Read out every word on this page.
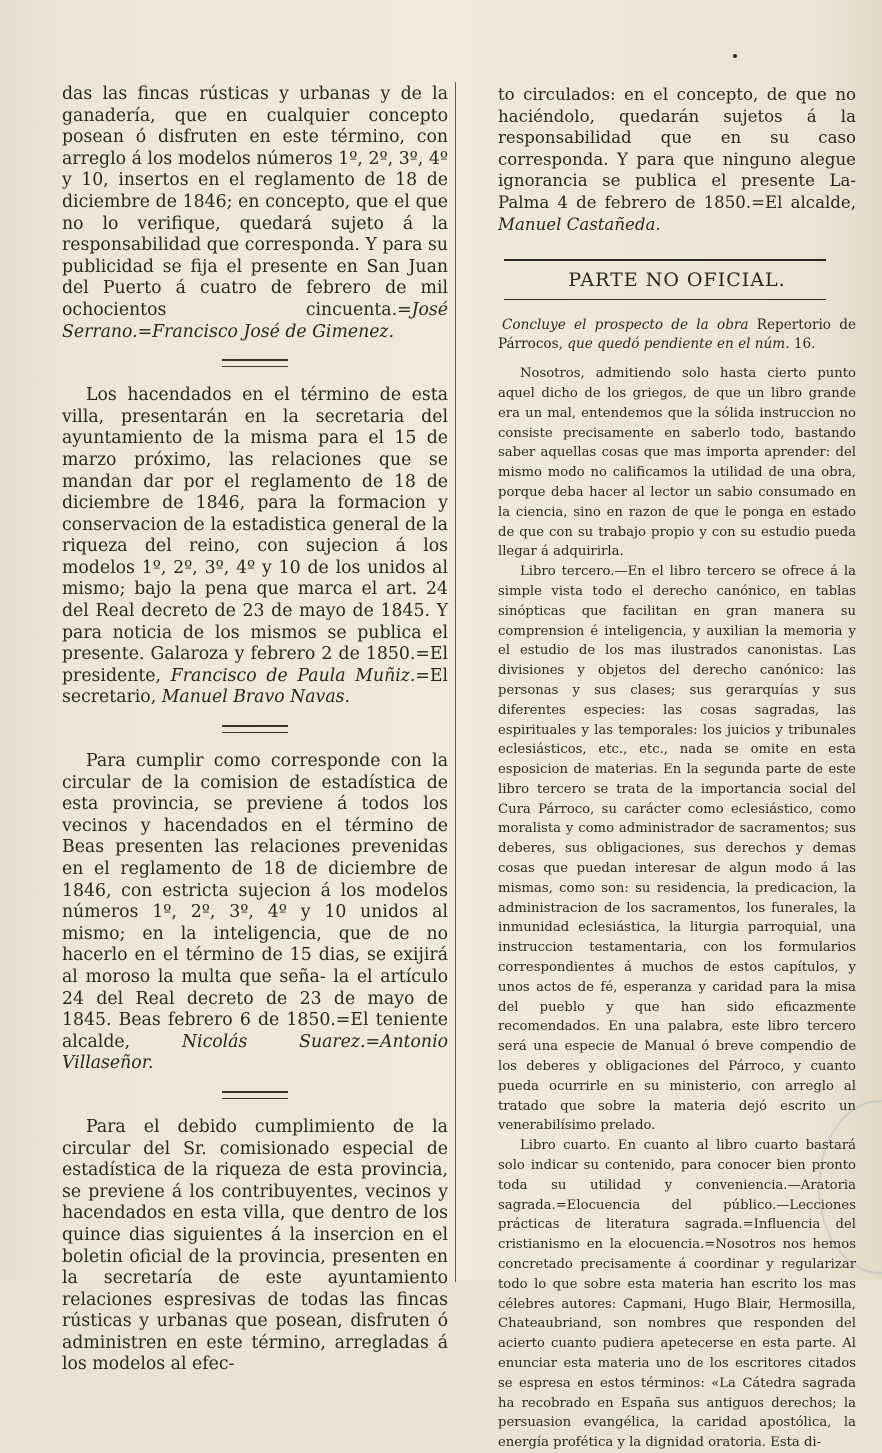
das las fincas rústicas y urbanas y de la ganadería, que en cualquier concepto posean ó disfruten en este término, con arreglo á los modelos números 1º, 2º, 3º, 4º y 10, insertos en el reglamento de 18 de diciembre de 1846; en concepto, que el que no lo verifique, quedará sujeto á la responsabilidad que corresponda. Y para su publicidad se fija el presente en San Juan del Puerto á cuatro de febrero de mil ochocientos cincuenta.=José Serrano.=Francisco José de Gimenez.

Los hacendados en el término de esta villa, presentarán en la secretaria del ayuntamiento de la misma para el 15 de marzo próximo, las relaciones que se mandan dar por el reglamento de 18 de diciembre de 1846, para la formacion y conservacion de la estadistica general de la riqueza del reino, con sujecion á los modelos 1º, 2º, 3º, 4º y 10 de los unidos al mismo; bajo la pena que marca el art. 24 del Real decreto de 23 de mayo de 1845. Y para noticia de los mismos se publica el presente. Galaroza y febrero 2 de 1850.=El presidente, Francisco de Paula Muñiz.=El secretario, Manuel Bravo Navas.

Para cumplir como corresponde con la circular de la comision de estadística de esta provincia, se previene á todos los vecinos y hacendados en el término de Beas presenten las relaciones prevenidas en el reglamento de 18 de diciembre de 1846, con estricta sujecion á los modelos números 1º, 2º, 3º, 4º y 10 unidos al mismo; en la inteligencia, que de no hacerlo en el término de 15 dias, se exijirá al moroso la multa que seña- la el artículo 24 del Real decreto de 23 de mayo de 1845. Beas febrero 6 de 1850.=El teniente alcalde,	Nicolás Suarez.=Antonio Villaseñor.

Para el debido cumplimiento de la circular del Sr. comisionado especial de estadística de la riqueza de esta provincia, se previene á los contribuyentes, vecinos y hacendados en esta villa, que dentro de los quince dias siguientes á la insercion en el boletin oficial de la provincia, presenten en la secretaría de este ayuntamiento relaciones espresivas de todas las fincas rústicas y urbanas que posean, disfruten ó administren en este término, arregladas á los modelos al efec-

to circulados: en el concepto, de que no haciéndolo, quedarán sujetos á la responsabilidad que en su caso corresponda. Y para que ninguno alegue ignorancia se publica el presente La-Palma 4 de febrero de 1850.=El alcalde, Manuel Castañeda.

PARTE NO OFICIAL.

Concluye el prospecto de la obra Repertorio de Párrocos, que quedó pendiente en el núm. 16.

Nosotros, admitiendo solo hasta cierto punto aquel dicho de los griegos, de que un libro grande era un mal, entendemos que la sólida instruccion no consiste precisamente en saberlo todo, bastando saber aquellas cosas que mas importa aprender: del mismo modo no calificamos la utilidad de una obra, porque deba hacer al lector un sabio consumado en la ciencia, sino en razon de que le ponga en estado de que con su trabajo propio y con su estudio pueda llegar á adquirirla.

Libro tercero.—En el libro tercero se ofrece á la simple vista todo el derecho canónico, en tablas sinópticas que facilitan en gran manera su comprension é inteligencia, y auxilian la memoria y el estudio de los mas ilustrados canonistas. Las divisiones y objetos del derecho canónico: las personas y sus clases; sus gerarquías y sus diferentes especies: las cosas sagradas, las espirituales y las temporales: los juicios y tribunales eclesiásticos, etc., etc., nada se omite en esta esposicion de materias. En la segunda parte de este libro tercero se trata de la importancia social del Cura Párroco, su carácter como eclesiástico, como moralista y como administrador de sacramentos; sus deberes, sus obligaciones, sus derechos y demas cosas que puedan interesar de algun modo á las mismas, como son: su residencia, la predicacion, la administracion de los sacramentos, los funerales, la inmunidad eclesiástica, la liturgia parroquial, una instruccion testamentaria, con los formularios correspondientes á muchos de estos capítulos, y unos actos de fé, esperanza y caridad para la misa del pueblo y que han sido eficazmente recomendados. En una palabra, este libro tercero será una especie de Manual ó breve compendio de los deberes y obligaciones del Párroco, y cuanto pueda ocurrirle en su ministerio, con arreglo al tratado que sobre la materia dejó escrito un venerabilísimo prelado.

Libro cuarto. En cuanto al libro cuarto bastará solo indicar su contenido, para conocer bien pronto toda su utilidad y conveniencia.—Aratoria sagrada.=Elocuencia del público.—Lecciones prácticas de literatura sagrada.=Influencia del cristianismo en la elocuencia.=Nosotros nos hemos concretado precisamente á coordinar y regularizar todo lo que sobre esta materia han escrito los mas célebres autores: Capmani, Hugo Blair, Hermosilla, Chateaubriand, son nombres que responden del acierto cuanto pudiera apetecerse en esta parte. Al enunciar esta materia uno de los escritores citados se espresa en estos términos: «La Cátedra sagrada ha recobrado en España sus antiguos derechos; la persuasion evangélica, la caridad apostólica, la energía profética y la dignidad oratoria. Esta di-
